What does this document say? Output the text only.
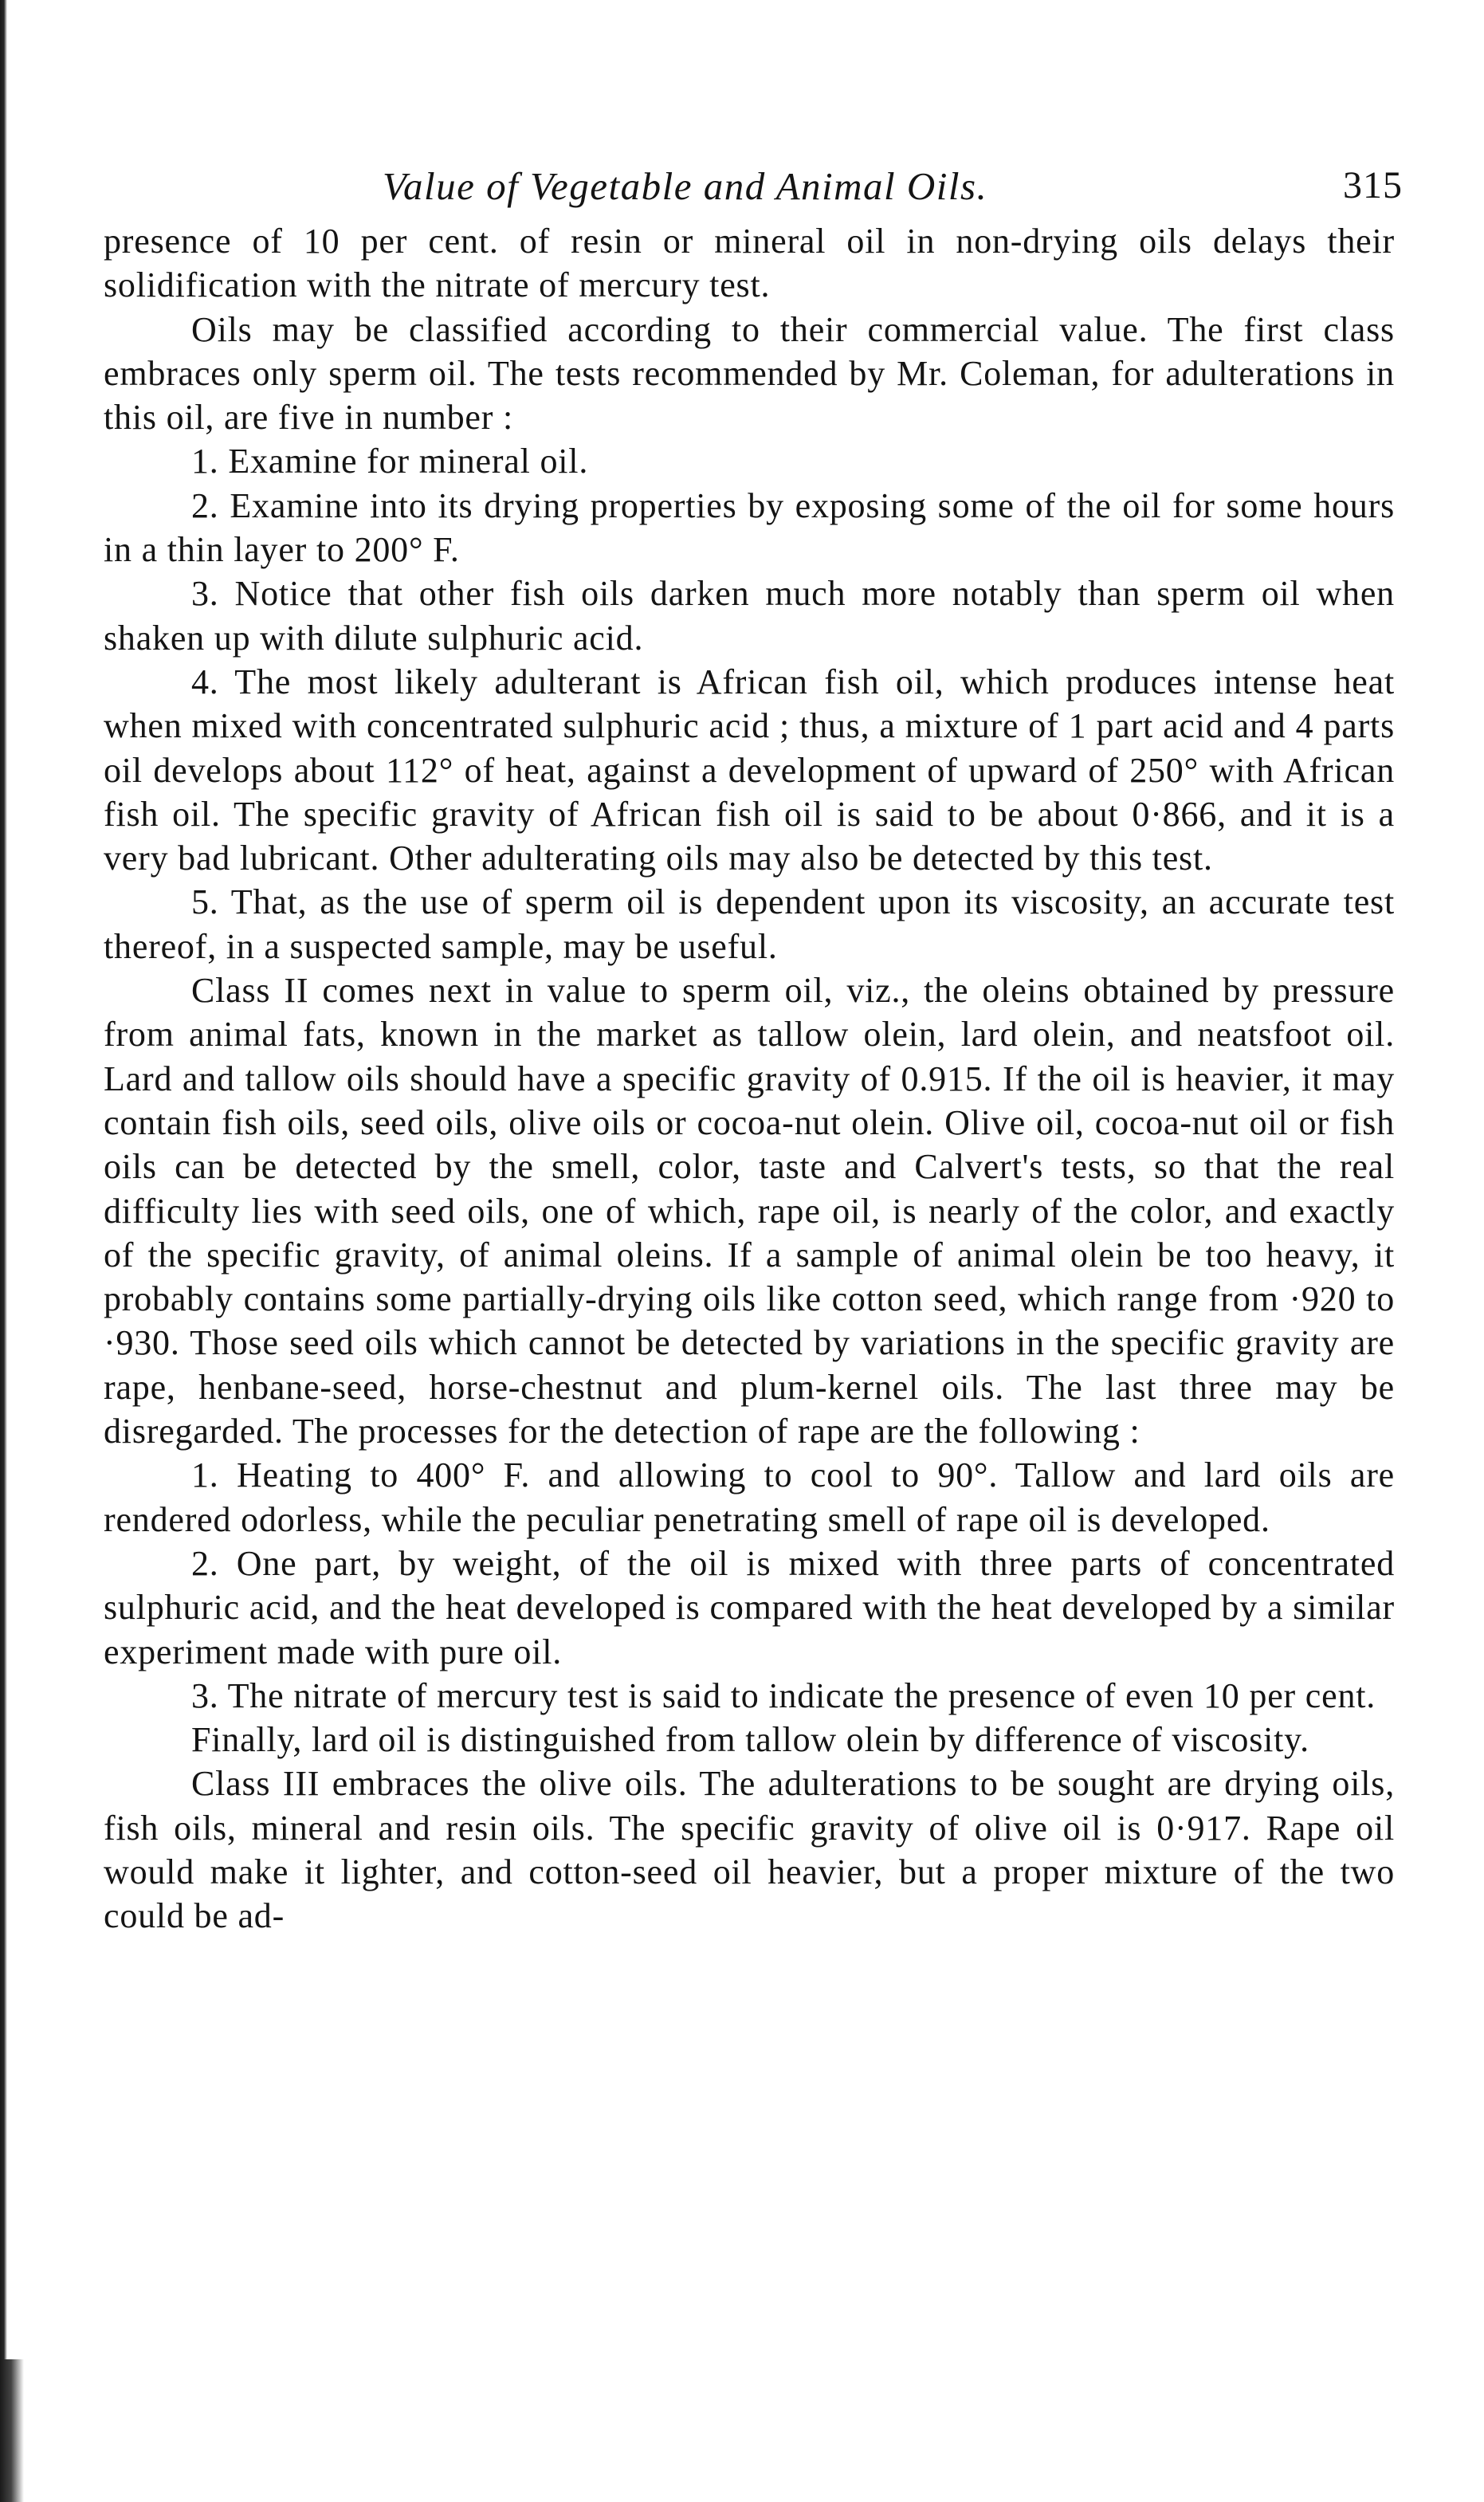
Value of Vegetable and Animal Oils.	315

presence of 10 per cent. of resin or mineral oil in non-drying oils delays their solidification with the nitrate of mercury test.

Oils may be classified according to their commercial value. The first class embraces only sperm oil. The tests recommended by Mr. Coleman, for adulterations in this oil, are five in number :

1. Examine for mineral oil.

2. Examine into its drying properties by exposing some of the oil for some hours in a thin layer to 200° F.

3. Notice that other fish oils darken much more notably than sperm oil when shaken up with dilute sulphuric acid.

4. The most likely adulterant is African fish oil, which produces intense heat when mixed with concentrated sulphuric acid ; thus, a mixture of 1 part acid and 4 parts oil develops about 112° of heat, against a development of upward of 250° with African fish oil. The specific gravity of African fish oil is said to be about 0·866, and it is a very bad lubricant. Other adulterating oils may also be detected by this test.

5. That, as the use of sperm oil is dependent upon its viscosity, an accurate test thereof, in a suspected sample, may be useful.

Class II comes next in value to sperm oil, viz., the oleins obtained by pressure from animal fats, known in the market as tallow olein, lard olein, and neatsfoot oil. Lard and tallow oils should have a specific gravity of 0.915. If the oil is heavier, it may contain fish oils, seed oils, olive oils or cocoa-nut olein. Olive oil, cocoa-nut oil or fish oils can be detected by the smell, color, taste and Calvert's tests, so that the real difficulty lies with seed oils, one of which, rape oil, is nearly of the color, and exactly of the specific gravity, of animal oleins. If a sample of animal olein be too heavy, it probably contains some partially-drying oils like cotton seed, which range from ·920 to ·930. Those seed oils which cannot be detected by variations in the specific gravity are rape, henbane-seed, horse-chestnut and plum-kernel oils. The last three may be disregarded. The processes for the detection of rape are the following :

1. Heating to 400° F. and allowing to cool to 90°. Tallow and lard oils are rendered odorless, while the peculiar penetrating smell of rape oil is developed.

2. One part, by weight, of the oil is mixed with three parts of concentrated sulphuric acid, and the heat developed is compared with the heat developed by a similar experiment made with pure oil.

3. The nitrate of mercury test is said to indicate the presence of even 10 per cent.

Finally, lard oil is distinguished from tallow olein by difference of viscosity.

Class III embraces the olive oils. The adulterations to be sought are drying oils, fish oils, mineral and resin oils. The specific gravity of olive oil is 0·917. Rape oil would make it lighter, and cotton-seed oil heavier, but a proper mixture of the two could be ad-
